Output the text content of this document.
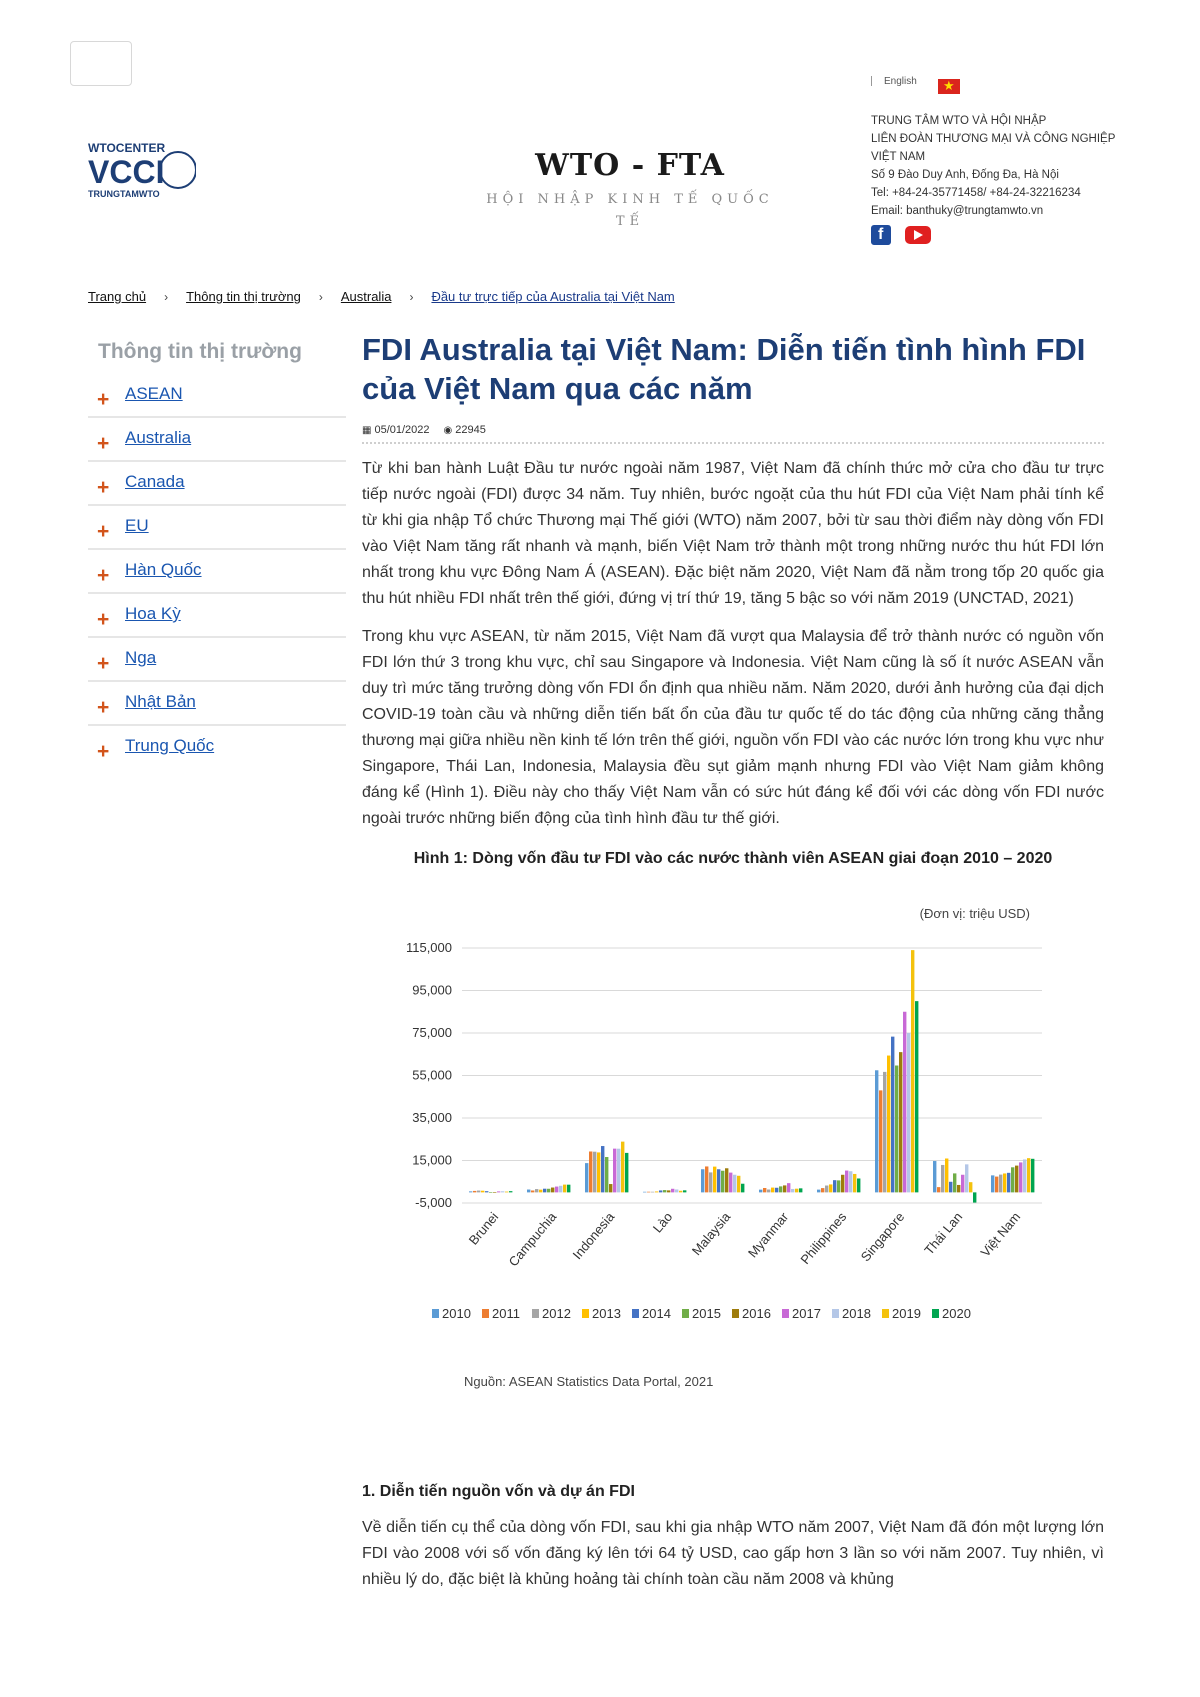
WTOCENTER
VCCI
TRUNGTAMWTO
WTO - FTA
HỘI NHẬP KINH TẾ QUỐC TẾ
English ★
TRUNG TÂM WTO VÀ HỘI NHẬP
LIÊN ĐOÀN THƯƠNG MẠI VÀ CÔNG NGHIỆP
VIỆT NAM
Số 9 Đào Duy Anh, Đống Đa, Hà Nội
Tel: +84-24-35771458/ +84-24-32216234
Email: banthuky@trungtamwto.vn
f
Trang chủ › Thông tin thị trường › Australia › Đầu tư trực tiếp của Australia tại Việt Nam
Thông tin thị trường
+ ASEAN
+ Australia
+ Canada
+ EU
+ Hàn Quốc
+ Hoa Kỳ
+ Nga
+ Nhật Bản
+ Trung Quốc
FDI Australia tại Việt Nam: Diễn tiến tình hình FDI của Việt Nam qua các năm
▦ 05/01/2022 ◉ 22945

Từ khi ban hành Luật Đầu tư nước ngoài năm 1987, Việt Nam đã chính thức mở cửa cho đầu tư trực tiếp nước ngoài (FDI) được 34 năm. Tuy nhiên, bước ngoặt của thu hút FDI của Việt Nam phải tính kể từ khi gia nhập Tổ chức Thương mại Thế giới (WTO) năm 2007, bởi từ sau thời điểm này dòng vốn FDI vào Việt Nam tăng rất nhanh và mạnh, biến Việt Nam trở thành một trong những nước thu hút FDI lớn nhất trong khu vực Đông Nam Á (ASEAN). Đặc biệt năm 2020, Việt Nam đã nằm trong tốp 20 quốc gia thu hút nhiều FDI nhất trên thế giới, đứng vị trí thứ 19, tăng 5 bậc so với năm 2019 (UNCTAD, 2021)

Trong khu vực ASEAN, từ năm 2015, Việt Nam đã vượt qua Malaysia để trở thành nước có nguồn vốn FDI lớn thứ 3 trong khu vực, chỉ sau Singapore và Indonesia. Việt Nam cũng là số ít nước ASEAN vẫn duy trì mức tăng trưởng dòng vốn FDI ổn định qua nhiều năm. Năm 2020, dưới ảnh hưởng của đại dịch COVID-19 toàn cầu và những diễn tiến bất ổn của đầu tư quốc tế do tác động của những căng thẳng thương mại giữa nhiều nền kinh tế lớn trên thế giới, nguồn vốn FDI vào các nước lớn trong khu vực như Singapore, Thái Lan, Indonesia, Malaysia đều sụt giảm mạnh nhưng FDI vào Việt Nam giảm không đáng kể (Hình 1). Điều này cho thấy Việt Nam vẫn có sức hút đáng kể đối với các dòng vốn FDI nước ngoài trước những biến động của tình hình đầu tư thế giới.

Hình 1: Dòng vốn đầu tư FDI vào các nước thành viên ASEAN giai đoạn 2010 – 2020
(Đơn vị: triệu USD)
115,000
95,000
75,000
55,000
35,000
15,000
-5,000
Brunei Campuchia Indonesia	Lào Malaysia Myanmar Philippines Singapore Thái Lan Việt Nam
2010 2011 2012 2013 2014 2015 2016 2017 2018 2019 2020
Nguồn: ASEAN Statistics Data Portal, 2021
1. Diễn tiến nguồn vốn và dự án FDI

Về diễn tiến cụ thể của dòng vốn FDI, sau khi gia nhập WTO năm 2007, Việt Nam đã đón một lượng lớn FDI vào 2008 với số vốn đăng ký lên tới 64 tỷ USD, cao gấp hơn 3 lần so với năm 2007. Tuy nhiên, vì nhiều lý do, đặc biệt là khủng hoảng tài chính toàn cầu năm 2008 và khủng
